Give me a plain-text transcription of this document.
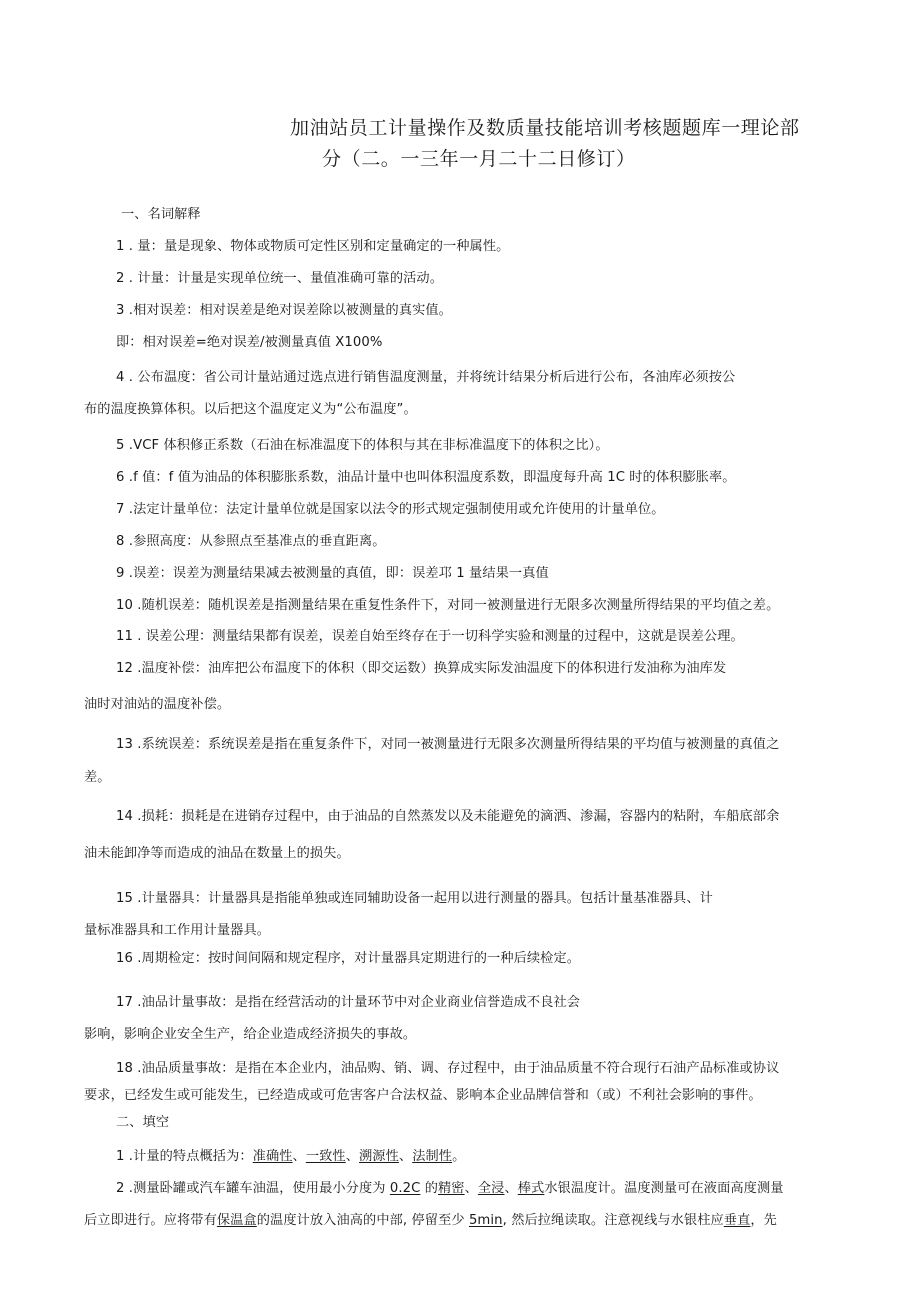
加油站员工计量操作及数质量技能培训考核题题库一理论部
分（二。一三年一月二十二日修订）
一、名词解释
1 . 量：量是现象、物体或物质可定性区别和定量确定的一种属性。
2 . 计量：计量是实现单位统一、量值准确可靠的活动。
3 .相对误差：相对误差是绝对误差除以被测量的真实值。
即：相对误差=绝对误差/被测量真值 X100%
4 . 公布温度：省公司计量站通过选点进行销售温度测量，并将统计结果分析后进行公布，各油库必须按公
布的温度换算体积。以后把这个温度定义为“公布温度”。
5 .VCF 体积修正系数（石油在标准温度下的体积与其在非标准温度下的体积之比）。
6 .f 值：f 值为油品的体积膨胀系数，油品计量中也叫体积温度系数，即温度每升高 1C 时的体积膨胀率。
7 .法定计量单位：法定计量单位就是国家以法令的形式规定强制使用或允许使用的计量单位。
8 .参照高度：从参照点至基准点的垂直距离。
9 .误差：误差为测量结果减去被测量的真值，即：误差邛 1 量结果一真值
10 .随机误差：随机误差是指测量结果在重复性条件下，对同一被测量进行无限多次测量所得结果的平均值之差。
11 . 误差公理：测量结果都有误差，误差自始至终存在于一切科学实验和测量的过程中，这就是误差公理。
12 .温度补偿：油库把公布温度下的体积（即交运数）换算成实际发油温度下的体积进行发油称为油库发
油时对油站的温度补偿。
13 .系统误差：系统误差是指在重复条件下，对同一被测量进行无限多次测量所得结果的平均值与被测量的真值之
差。
14 .损耗：损耗是在进销存过程中，由于油品的自然蒸发以及未能避免的滴洒、渗漏，容器内的粘附，车船底部余
油未能卸净等而造成的油品在数量上的损失。
15 .计量器具：计量器具是指能单独或连同辅助设备一起用以进行测量的器具。包括计量基准器具、计
量标准器具和工作用计量器具。
16 .周期检定：按时间间隔和规定程序，对计量器具定期进行的一种后续检定。
17 .油品计量事故：是指在经营活动的计量环节中对企业商业信誉造成不良社会
影响，影响企业安全生产，给企业造成经济损失的事故。
18 .油品质量事故：是指在本企业内，油品购、销、调、存过程中，由于油品质量不符合现行石油产品标准或协议
要求，已经发生或可能发生，已经造成或可危害客户合法权益、影响本企业品牌信誉和（或）不利社会影响的事件。
二、填空
1 .计量的特点概括为：准确性、一致性、溯源性、法制性。
2 .测量卧罐或汽车罐车油温，使用最小分度为 0.2C 的精密、全浸、棒式水银温度计。温度测量可在液面高度测量
后立即进行。应将带有保温盒的温度计放入油高的中部, 停留至少 5min, 然后拉绳读取。注意视线与水银柱应垂直，先
